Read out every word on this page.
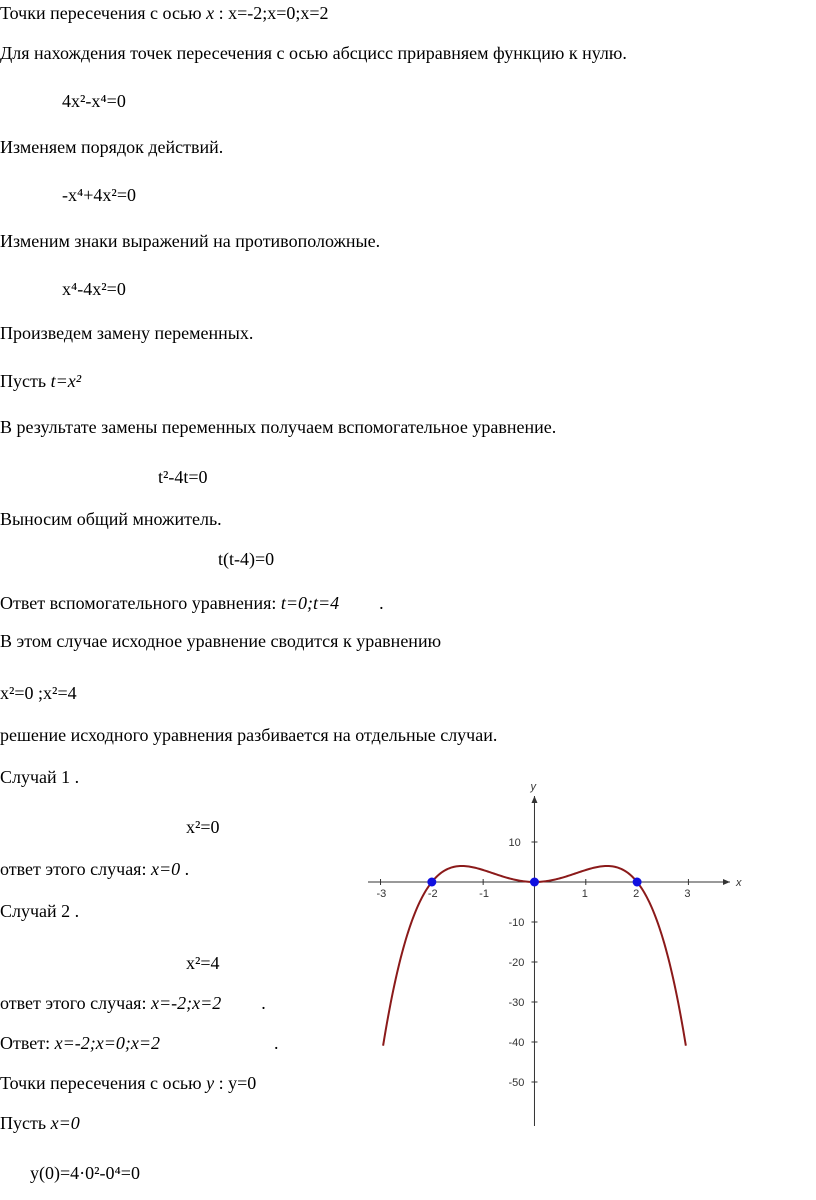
Точки пересечения с осью x : x=-2;x=0;x=2
Для нахождения точек пересечения с осью абсцисс приравняем функцию к нулю.
4x²-x⁴=0
Изменяем порядок действий.
-x⁴+4x²=0
Изменим знаки выражений на противоположные.
x⁴-4x²=0
Произведем замену переменных.
Пусть t=x²
В результате замены переменных получаем вспомогательное уравнение.
t²-4t=0
Выносим общий множитель.
t(t-4)=0
Ответ вспомогательного уравнения: t=0;t=4 .
В этом случае исходное уравнение сводится к уравнению
x²=0 ;x²=4
решение исходного уравнения разбивается на отдельные случаи.
Случай 1 .
x²=0
ответ этого случая: x=0 .
Случай 2 .
x²=4
ответ этого случая: x=-2;x=2 .
Ответ: x=-2;x=0;x=2	.
Точки пересечения с осью y : y=0
Пусть x=0
y(0)=4·0²-0⁴=0
x
y
-3	-2	-1	1	2	3
10
-10
-20
-30
-40
-50
